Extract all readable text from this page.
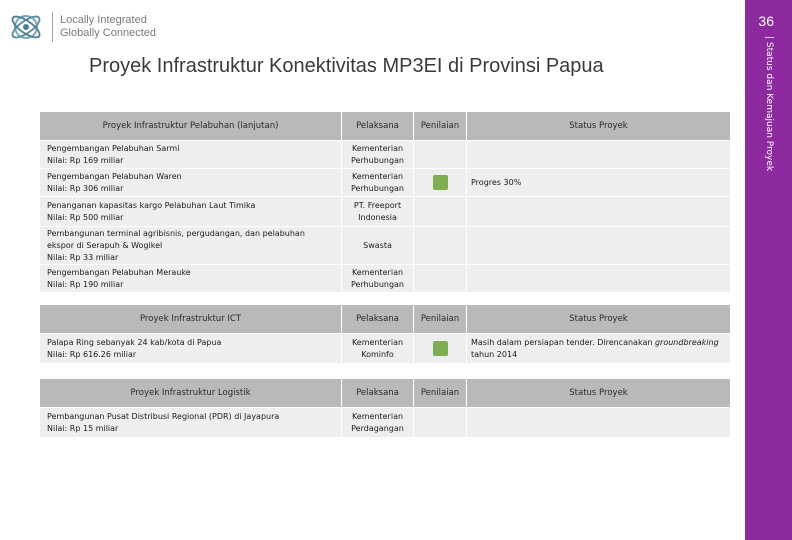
Locally Integrated
Globally Connected
36
| Status dan Kemajuan Proyek
Proyek Infrastruktur Konektivitas MP3EI di Provinsi Papua
Proyek Infrastruktur Pelabuhan (lanjutan)	Pelaksana	Penilaian	Status Proyek

Pengembangan Pelabuhan Sarmi
Nilai: Rp 169 miliar	Kementerian
Perhubungan		

Pengembangan Pelabuhan Waren
Nilai: Rp 306 miliar	Kementerian
Perhubungan		Progres 30%

Penanganan kapasitas kargo Pelabuhan Laut Timika
Nilai: Rp 500 miliar	PT. Freeport
Indonesia		

Pembangunan terminal agribisnis, pergudangan, dan pelabuhan
ekspor di Serapuh & Wogikel
Nilai: Rp 33 miliar	Swasta		

Pengembangan Pelabuhan Merauke
Nilai: Rp 190 miliar	Kementerian
Perhubungan		

Proyek Infrastruktur ICT	Pelaksana	Penilaian	Status Proyek

Palapa Ring sebanyak 24 kab/kota di Papua
Nilai: Rp 616.26 miliar	Kementerian
Kominfo		Masih dalam persiapan tender. Direncanakan groundbreaking
tahun 2014
Proyek Infrastruktur Logistik	Pelaksana	Penilaian	Status Proyek

Pembangunan Pusat Distribusi Regional (PDR) di Jayapura
Nilai: Rp 15 miliar	Kementerian
Perdagangan		
